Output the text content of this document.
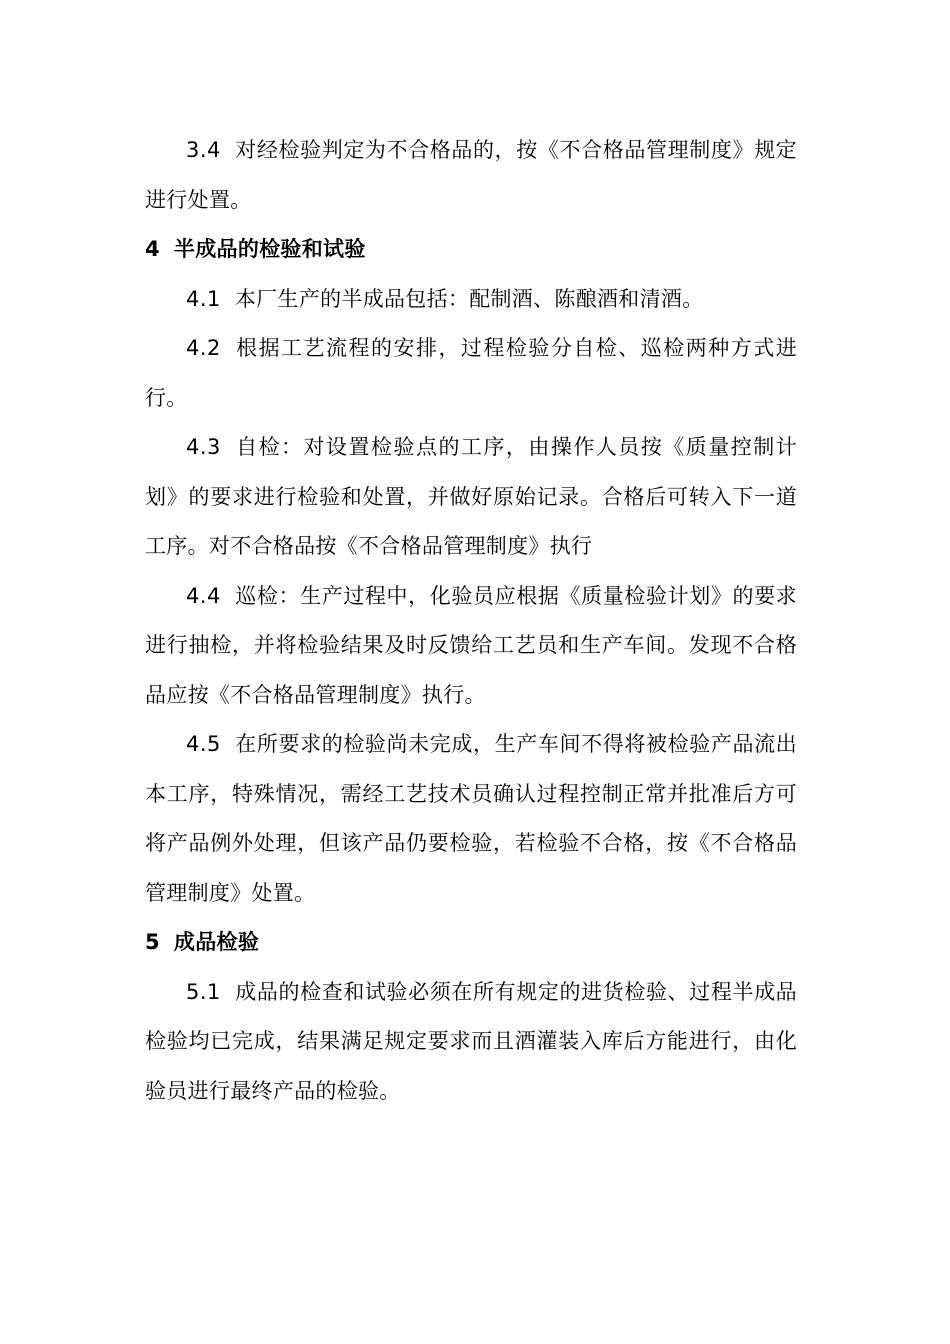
3.4 对经检验判定为不合格品的，按《不合格品管理制度》规定进行处置。

4 半成品的检验和试验

4.1 本厂生产的半成品包括：配制酒、陈酿酒和清酒。

4.2 根据工艺流程的安排，过程检验分自检、巡检两种方式进行。

4.3 自检：对设置检验点的工序，由操作人员按《质量控制计划》的要求进行检验和处置，并做好原始记录。合格后可转入下一道工序。对不合格品按《不合格品管理制度》执行

4.4 巡检：生产过程中，化验员应根据《质量检验计划》的要求进行抽检，并将检验结果及时反馈给工艺员和生产车间。发现不合格品应按《不合格品管理制度》执行。

4.5 在所要求的检验尚未完成，生产车间不得将被检验产品流出本工序，特殊情况，需经工艺技术员确认过程控制正常并批准后方可将产品例外处理，但该产品仍要检验，若检验不合格，按《不合格品管理制度》处置。

5 成品检验

5.1 成品的检查和试验必须在所有规定的进货检验、过程半成品检验均已完成，结果满足规定要求而且酒灌装入库后方能进行，由化验员进行最终产品的检验。
